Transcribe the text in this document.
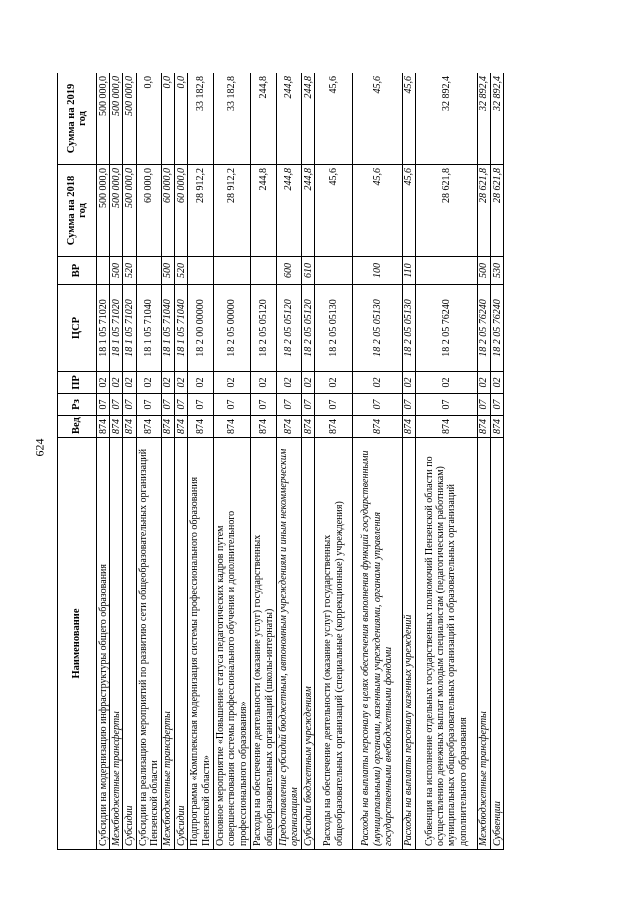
624
Наименование	Вед	Рз	ПР	ЦСР	ВР	Сумма на 2018 год	Сумма на 2019 год
Субсидии на модернизацию инфраструктуры общего образования	874	07	02	18 1 05 71020		500 000,0	500 000,0
Межбюджетные трансферты	874	07	02	18 1 05 71020	500	500 000,0	500 000,0
Субсидии	874	07	02	18 1 05 71020	520	500 000,0	500 000,0
Субсидии на реализацию мероприятий по развитию сети общеобразовательных организаций Пензенской области	874	07	02	18 1 05 71040		60 000,0	0,0
Межбюджетные трансферты	874	07	02	18 1 05 71040	500	60 000,0	0,0
Субсидии	874	07	02	18 1 05 71040	520	60 000,0	0,0
Подпрограмма «Комплексная модернизация системы профессионального образования Пензенской области»	874	07	02	18 2 00 00000		28 912,2	33 182,8
Основное мероприятие «Повышение статуса педагогических кадров путем совершенствования системы профессионального обучения и дополнительного профессионального образования»	874	07	02	18 2 05 00000		28 912,2	33 182,8
Расходы на обеспечение деятельности (оказание услуг) государственных общеобразовательных организаций (школы-интернаты)	874	07	02	18 2 05 05120		244,8	244,8
Предоставление субсидий бюджетным, автономным учреждениям и иным некоммерческим организациям	874	07	02	18 2 05 05120	600	244,8	244,8
Субсидии бюджетным учреждениям	874	07	02	18 2 05 05120	610	244,8	244,8
Расходы на обеспечение деятельности (оказание услуг) государственных общеобразовательных организаций (специальные (коррекционные) учреждения)	874	07	02	18 2 05 05130		45,6	45,6
Расходы на выплаты персоналу в целях обеспечения выполнения функций государственными (муниципальными) органами, казенными учреждениями, органами управления государственными внебюджетными фондами	874	07	02	18 2 05 05130	100	45,6	45,6
Расходы на выплаты персоналу казенных учреждений	874	07	02	18 2 05 05130	110	45,6	45,6
Субвенция на исполнение отдельных государственных полномочий Пензенской области по осуществлению денежных выплат молодым специалистам (педагогическим работникам) муниципальных общеобразовательных организаций и образовательных организаций дополнительного образования	874	07	02	18 2 05 76240		28 621,8	32 892,4
Межбюджетные трансферты	874	07	02	18 2 05 76240	500	28 621,8	32 892,4
Субвенции	874	07	02	18 2 05 76240	530	28 621,8	32 892,4
